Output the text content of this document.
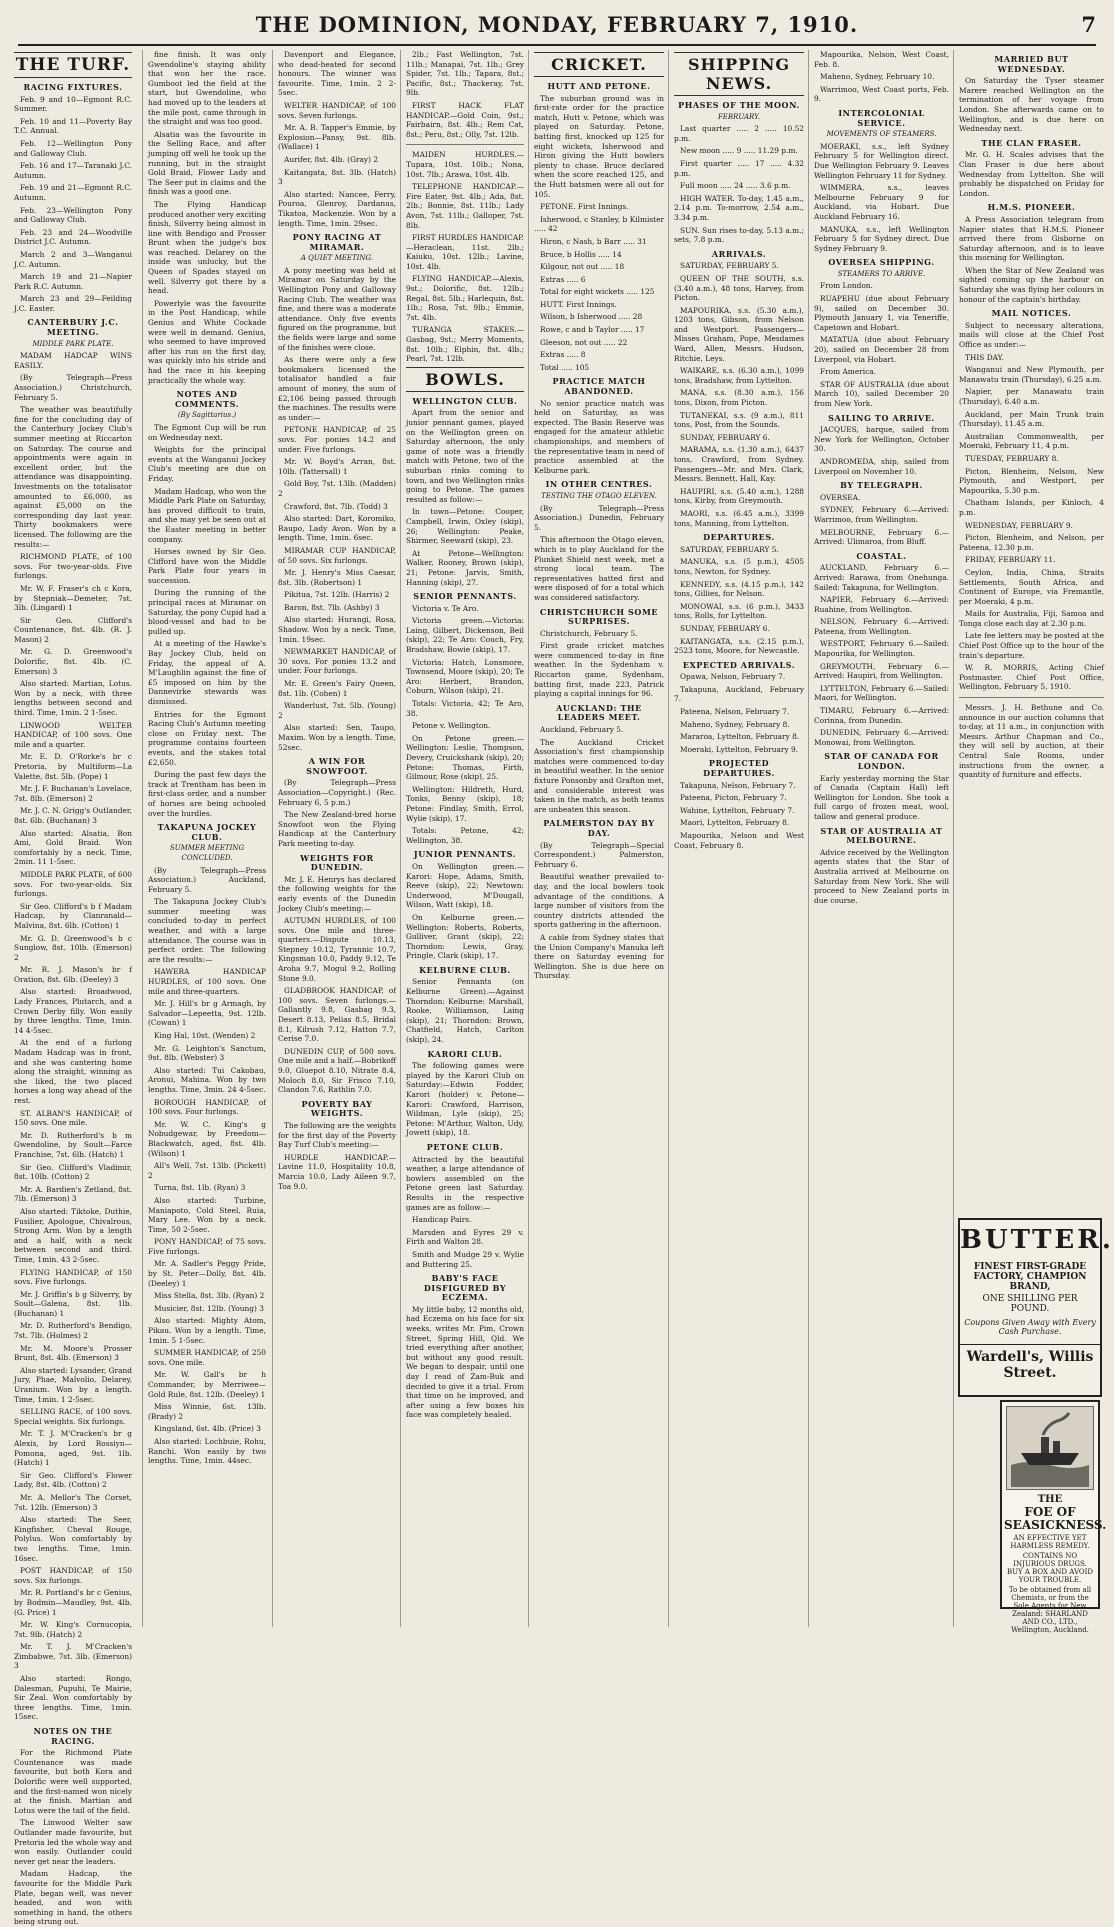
THE DOMINION, MONDAY, FEBRUARY 7, 1910.	7
THE TURF.
RACING FIXTURES.

Feb. 9 and 10—Egmont R.C. Summer.

Feb. 10 and 11—Poverty Bay T.C. Annual.

Feb. 12—Wellington Pony and Galloway Club.

Feb. 16 and 17—Taranaki J.C. Autumn.

Feb. 19 and 21—Egmont R.C. Autumn.

Feb. 23—Wellington Pony and Galloway Club.

Feb. 23 and 24—Woodville District J.C. Autumn.

March 2 and 3—Wanganui J.C. Autumn.

March 19 and 21—Napier Park R.C. Autumn.

March 23 and 29—Feilding J.C. Easter.

CANTERBURY J.C. MEETING.
MIDDLE PARK PLATE.

MADAM HADCAP WINS EASILY.

(By Telegraph—Press Association.) Christchurch, February 5.

The weather was beautifully fine for the concluding day of the Canterbury Jockey Club's summer meeting at Riccarton on Saturday. The course and appointments were again in excellent order, but the attendance was disappointing. Investments on the totalisator amounted to £6,000, as against £5,000 on the corresponding day last year. Thirty bookmakers were licensed. The following are the results:—

RICHMOND PLATE, of 100 sovs. For two-year-olds. Five furlongs.

Mr. W. F. Fraser's ch c Kora, by Stepniak—Demeter, 7st. 3lb. (Lingard) 1

Sir Geo. Clifford's Countenance, 8st. 4lb. (R. J. Mason) 2

Mr. G. D. Greenwood's Dolorific, 8st. 4lb. (C. Emerson) 3

Also started: Martian, Lotus. Won by a neck, with three lengths between second and third. Time, 1min. 2 1-5sec.

LINWOOD WELTER HANDICAP, of 100 sovs. One mile and a quarter.

Mr. E. D. O'Rorke's br c Pretoria, by Multiform—La Valette, 8st. 5lb. (Pope) 1

Mr. J. F. Buchanan's Lovelace, 7st. 8lb. (Emerson) 2

Mr. J. C. N. Grigg's Outlander, 8st. 6lb. (Buchanan) 3

Also started: Alsatia, Bon Ami, Gold Braid. Won comfortably by a neck. Time, 2min. 11 1-5sec.

MIDDLE PARK PLATE, of 600 sovs. For two-year-olds. Six furlongs.

Sir Geo. Clifford's b f Madam Hadcap, by Clanranald—Malvina, 8st. 6lb. (Cotton) 1

Mr. G. D. Greenwood's b c Sunglow, 8st. 10lb. (Emerson) 2

Mr. R. J. Mason's br f Oration, 8st. 6lb. (Deeley) 3

Also started: Broadwood, Lady Frances, Plutarch, and a Crown Derby filly. Won easily by three lengths. Time, 1min. 14 4-5sec.

At the end of a furlong Madam Hadcap was in front, and she was cantering home along the straight, winning as she liked, the two placed horses a long way ahead of the rest.

ST. ALBAN'S HANDICAP, of 150 sovs. One mile.

Mr. D. Rutherford's b m Gwendoline, by Soult—Farce Franchise, 7st. 6lb. (Hatch) 1

Sir Geo. Clifford's Vladimir, 8st. 10lb. (Cotton) 2

Mr. A. Bardien's Zetland, 8st. 7lb. (Emerson) 3

Also started: Tiktoke, Duthie, Fusilier, Apologue, Chivalrous, Strong Arm. Won by a length and a half, with a neck between second and third. Time, 1min. 43 2-5sec.

FLYING HANDICAP, of 150 sovs. Five furlongs.

Mr. J. Griffin's b g Silverry, by Soult—Galena, 8st. 1lb. (Buchanan) 1

Mr. D. Rutherford's Bendigo, 7st. 7lb. (Holmes) 2

Mr. M. Moore's Prosser Brunt, 8st. 4lb. (Emerson) 3

Also started: Lysander, Grand Jury, Phae, Malvolio, Delarey, Uranium. Won by a length. Time, 1min. 1 2-5sec.

SELLING RACE, of 100 sovs. Special weights. Six furlongs.

Mr. T. J. M'Cracken's br g Alexis, by Lord Rossiyn—Pomona, aged, 9st. 1lb. (Hatch) 1

Sir Geo. Clifford's Flower Lady, 8st. 4lb. (Cotton) 2

Mr. A. Mellor's The Corset, 7st. 12lb. (Emerson) 3

Also started: The Seer, Kingfisher, Cheval Rouge, Polylus. Won comfortably by two lengths. Time, 1min. 16sec.

POST HANDICAP, of 150 sovs. Six furlongs.

Mr. R. Portland's br c Genius, by Bodmin—Maudley, 9st. 4lb. (G. Price) 1

Mr. W. King's Cornucopia, 7st. 9lb. (Hatch) 2

Mr. T. J. M'Cracken's Zimbabwe, 7st. 3lb. (Emerson) 3

Also started: Rongo, Dalesman, Pupuhi, Te Mairie, Sir Zeal. Won comfortably by three lengths. Time, 1min. 15sec.

NOTES ON THE RACING.

For the Richmond Plate Countenance was made favourite, but both Kora and Dolorific were well supported, and the first-named won nicely at the finish. Martian and Lotus were the tail of the field.

The Linwood Welter saw Outlander made favourite, but Pretoria led the whole way and won easily. Outlander could never get near the leaders.

Madam Hadcap, the favourite for the Middle Park Plate, began well, was never headed, and won with something in hand, the others being strung out.

fine finish. It was only Gwendoline's staying ability that won her the race. Gumboot led the field at the start, but Gwendoline, who had moved up to the leaders at the mile post, came through in the straight and was too good.

Alsatia was the favourite in the Selling Race, and after jumping off well he took up the running, but in the straight Gold Braid, Flower Lady and The Seer put in claims and the finish was a good one.

The Flying Handicap produced another very exciting finish, Silverry being almost in line with Bendigo and Prosser Brunt when the judge's box was reached. Delarey on the inside was unlucky, but the Queen of Spades stayed on well. Silverry got there by a head.

Powerlyle was the favourite in the Post Handicap, while Genius and White Cockade were well in demand. Genius, who seemed to have improved after his run on the first day, was quickly into his stride and had the race in his keeping practically the whole way.

NOTES AND COMMENTS.
(By Sagittarius.)

The Egmont Cup will be run on Wednesday next.

Weights for the principal events at the Wanganui Jockey Club's meeting are due on Friday.

Madam Hadcap, who won the Middle Park Plate on Saturday, has proved difficult to train, and she may yet be seen out at the Easter meeting in better company.

Horses owned by Sir Geo. Clifford have won the Middle Park Plate four years in succession.

During the running of the principal races at Miramar on Saturday, the pony Cupid had a blood-vessel and had to be pulled up.

At a meeting of the Hawke's Bay Jockey Club, held on Friday, the appeal of A. M'Laughlin against the fine of £5 imposed on him by the Dannevirke stewards was dismissed.

Entries for the Egmont Racing Club's Autumn meeting close on Friday next. The programme contains fourteen events, and the stakes total £2,650.

During the past few days the track at Trentham has been in first-class order, and a number of horses are being schooled over the hurdles.

TAKAPUNA JOCKEY CLUB.
SUMMER MEETING CONCLUDED.

(By Telegraph—Press Association.) Auckland, February 5.

The Takapuna Jockey Club's summer meeting was concluded to-day in perfect weather, and with a large attendance. The course was in perfect order. The following are the results:—

HAWERA HANDICAP HURDLES, of 100 sovs. One mile and three-quarters.

Mr. J. Hill's br g Armagh, by Salvador—Lepeetta, 9st. 12lb. (Cowan) 1

King Hal, 10st. (Wenden) 2

Mr. G. Leighton's Sanctum, 9st. 8lb. (Webster) 3

Also started: Tui Cakobau, Aronui, Mahina. Won by two lengths. Time, 3min. 24 4-5sec.

BOROUGH HANDICAP, of 100 sovs. Four furlongs.

Mr. W. C. King's g Nobudgewar, by Freedom—Blackwatch, aged, 8st. 4lb. (Wilson) 1

All's Well, 7st. 13lb. (Pickett) 2

Turna, 8st. 1lb. (Ryan) 3

Also started: Turbine, Maniapoto, Cold Steel, Ruia, Mary Lee. Won by a neck. Time, 50 2-5sec.

PONY HANDICAP, of 75 sovs. Five furlongs.

Mr. A. Sadler's Peggy Pride, by St. Peter—Dolly, 8st. 4lb. (Deeley) 1

Miss Stella, 8st. 3lb. (Ryan) 2

Musicier, 8st. 12lb. (Young) 3

Also started: Mighty Atom, Pikau. Won by a length. Time, 1min. 5 1-5sec.

SUMMER HANDICAP, of 250 sovs. One mile.

Mr. W. Gall's br h Commander, by Merriwee—Gold Rule, 8st. 12lb. (Deeley) 1

Miss Winnie, 6st. 13lb. (Brady) 2

Kingsland, 6st. 4lb. (Price) 3

Also started: Lochbuie, Rohu, Ranchi. Won easily by two lengths. Time, 1min. 44sec.

Davenport and Elegance, who dead-heated for second honours. The winner was favourite. Time, 1min. 2 2-5sec.

WELTER HANDICAP, of 100 sovs. Seven furlongs.

Mr. A. B. Tapper's Emmie, by Explosion—Pansy, 9st. 8lb. (Wallace) 1

Aurifer, 8st. 4lb. (Gray) 2

Kaitangata, 8st. 3lb. (Hatch) 3

Also started: Nancee, Ferry, Pouroa, Glenroy, Dardanus, Tikatoa, Mackenzie. Won by a length. Time, 1min. 29sec.

PONY RACING AT MIRAMAR.
A QUIET MEETING.

A pony meeting was held at Miramar on Saturday by the Wellington Pony and Galloway Racing Club. The weather was fine, and there was a moderate attendance. Only five events figured on the programme, but the fields were large and some of the finishes were close.

As there were only a few bookmakers licensed the totalisator handled a fair amount of money, the sum of £2,106 being passed through the machines. The results were as under:—

PETONE HANDICAP, of 25 sovs. For ponies 14.2 and under. Five furlongs.

Mr. W. Boyd's Arran, 8st. 10lb. (Tattersall) 1

Gold Boy, 7st. 13lb. (Madden) 2

Crawford, 8st. 7lb. (Todd) 3

Also started: Dart, Koromiko, Raupo, Lady Avon. Won by a length. Time, 1min. 6sec.

MIRAMAR CUP HANDICAP, of 50 sovs. Six furlongs.

Mr. J. Henry's Miss Caesar, 8st. 3lb. (Robertson) 1

Pikitua, 7st. 12lb. (Harris) 2

Baron, 8st. 7lb. (Ashby) 3

Also started: Hurangi, Rosa, Shadow. Won by a neck. Time, 1min. 19sec.

NEWMARKET HANDICAP, of 30 sovs. For ponies 13.2 and under. Four furlongs.

Mr. E. Green's Fairy Queen, 8st. 1lb. (Cohen) 1

Wanderlust, 7st. 5lb. (Young) 2

Also started: Sen, Taupo, Maxim. Won by a length. Time, 52sec.

A WIN FOR SNOWFOOT.

(By Telegraph—Press Association—Copyright.) (Rec. February 6, 5 p.m.)

The New Zealand-bred horse Snowfoot won the Flying Handicap at the Canterbury Park meeting to-day.

WEIGHTS FOR DUNEDIN.

Mr. J. E. Henrys has declared the following weights for the early events of the Dunedin Jockey Club's meeting:—

AUTUMN HURDLES, of 100 sovs. One mile and three-quarters.—Dispute 10.13, Stepney 10.12, Tyrannic 10.7, Kingsman 10.0, Paddy 9.12, Te Aroha 9.7, Mogul 9.2, Rolling Stone 9.0.

GLADBROOK HANDICAP, of 100 sovs. Seven furlongs.—Gallantly 9.8, Gasbag 9.3, Desert 8.13, Pelias 8.5, Bridal 8.1, Kilrush 7.12, Hatton 7.7, Cerise 7.0.

DUNEDIN CUP, of 500 sovs. One mile and a half.—Bobrikoff 9.0, Gluepot 8.10, Nitrate 8.4, Moloch 8.0, Sir Frisco 7.10, Clandon 7.6, Rathlin 7.0.

POVERTY BAY WEIGHTS.

The following are the weights for the first day of the Poverty Bay Turf Club's meeting:—

HURDLE HANDICAP.—Lavine 11.0, Hospitality 10.8, Marcia 10.0, Lady Aileen 9.7, Toa 9.0.

2lb.; Fast Wellington, 7st. 11lb.; Manapai, 7st. 1lb.; Grey Spider, 7st. 1lb.; Tapara, 8st.; Pacific, 8st.; Thackeray, 7st. 9lb.

FIRST HACK FLAT HANDICAP.—Gold Coin, 9st.; Fairbairn, 8st. 4lb.; Rem Cat, 8st.; Peru, 8st.; Olly, 7st. 12lb.

MAIDEN HURDLES.—Tupara, 10st. 10lb.; Nona, 10st. 7lb.; Arawa, 10st. 4lb.

TELEPHONE HANDICAP.—Fire Eater, 9st. 4lb.; Ada, 8st. 2lb.; Bonnie, 8st. 11lb.; Lady Avon, 7st. 11lb.; Galloper, 7st. 8lb.

FIRST HURDLES HANDICAP.—Heraclean, 11st. 2lb.; Kaiuku, 10st. 12lb.; Lavine, 10st. 4lb.

FLYING HANDICAP.—Alexis, 9st.; Dolorific, 8st. 12lb.; Regal, 8st. 5lb.; Harlequin, 8st. 1lb.; Rosa, 7st. 9lb.; Emmie, 7st. 4lb.

TURANGA STAKES.—Gasbag, 9st.; Merry Moments, 8st. 10lb.; Elphin, 8st. 4lb.; Pearl, 7st. 12lb.

BOWLS.
WELLINGTON CLUB.

Apart from the senior and junior pennant games, played on the Wellington green on Saturday afternoon, the only game of note was a friendly match with Petone, two of the suburban rinks coming to town, and two Wellington rinks going to Petone. The games resulted as follow:—

In town—Petone: Cooper, Campbell, Irwin, Oxley (skip), 26; Wellington: Peake, Shirmer, Seeward (skip), 23.

At Petone—Wellington: Walker, Rooney, Brown (skip), 21; Petone: Jarvis, Smith, Hanning (skip), 27.

SENIOR PENNANTS.

Victoria v. Te Aro.

Victoria green.—Victoria: Laing, Gilbert, Dickenson, Beil (skip), 22; Te Aro: Couch, Fry, Bradshaw, Bowie (skip), 17.

Victoria: Hatch, Lonsmore, Townsend, Moore (skip), 20; Te Aro: Herbert, Brandon, Coburn, Wilson (skip), 21.

Totals: Victoria, 42; Te Aro, 38.

Petone v. Wellington.

On Petone green.—Wellington: Leslie, Thompson, Devery, Cruickshank (skip), 20; Petone: Thomas, Firth, Gilmour, Rose (skip), 25.

Wellington: Hildreth, Hurd, Tonks, Benny (skip), 18; Petone: Findlay, Smith, Errol, Wylie (skip), 17.

Totals: Petone, 42; Wellington, 38.

JUNIOR PENNANTS.

On Wellington green.—Karori: Hope, Adams, Smith, Reeve (skip), 22; Newtown: Underwood, M'Dougall, Wilson, Watt (skip), 18.

On Kelburne green.—Wellington: Roberts, Roberts, Gulliver, Grant (skip), 22; Thorndon: Lewis, Gray, Pringle, Clark (skip), 17.

KELBURNE CLUB.

Senior Pennants (on Kelburne Green).—Against Thorndon: Kelburne: Marshall, Rooke, Williamson, Laing (skip), 21; Thorndon: Brown, Chatfield, Hatch, Carlton (skip), 24.

KARORI CLUB.

The following games were played by the Karori Club on Saturday:—Edwin Fodder, Karori (holder) v. Petone—Karori: Crawford, Harrison, Wildman, Lyle (skip), 25; Petone: M'Arthur, Walton, Udy, Jowett (skip), 18.

PETONE CLUB.

Attracted by the beautiful weather, a large attendance of bowlers assembled on the Petone green last Saturday. Results in the respective games are as follow:—

Handicap Pairs.

Marsden and Eyres 29 v. Firth and Walton 28.

Smith and Mudge 29 v. Wylie and Buttering 25.

BABY'S FACE DISFIGURED BY ECZEMA.

My little baby, 12 months old, had Eczema on his face for six weeks, writes Mr. Pim, Crown Street, Spring Hill, Qld. We tried everything after another, but without any good result. We began to despair, until one day I read of Zam-Buk and decided to give it a trial. From that time on he improved, and after using a few boxes his face was completely healed.

CRICKET.
HUTT AND PETONE.

The suburban ground was in first-rate order for the practice match, Hutt v. Petone, which was played on Saturday. Petone, batting first, knocked up 125 for eight wickets, Isherwood and Hiron giving the Hutt bowlers plenty to chase. Bruce declared when the score reached 125, and the Hutt batsmen were all out for 105.

PETONE. First Innings.

Isherwood, c Stanley, b Kilmister ..... 42

Hiron, c Nash, b Barr ..... 31

Bruce, b Hollis ..... 14

Kilgour, not out ..... 18

Extras ..... 6

Total for eight wickets ..... 125

HUTT. First Innings.

Wilson, b Isherwood ..... 28

Rowe, c and b Taylor ..... 17

Gleeson, not out ..... 22

Extras ..... 8

Total ..... 105

PRACTICE MATCH ABANDONED.

No senior practice match was held on Saturday, as was expected. The Basin Reserve was engaged for the amateur athletic championships, and members of the representative team in need of practice assembled at the Kelburne park.

IN OTHER CENTRES.
TESTING THE OTAGO ELEVEN.

(By Telegraph—Press Association.) Dunedin, February 5.

This afternoon the Otago eleven, which is to play Auckland for the Plunket Shield next week, met a strong local team. The representatives batted first and were disposed of for a total which was considered satisfactory.

CHRISTCHURCH SOME SURPRISES.

Christchurch, February 5.

First grade cricket matches were commenced to-day in fine weather. In the Sydenham v. Riccarton game, Sydenham, batting first, made 223, Patrick playing a capital innings for 96.

AUCKLAND: THE LEADERS MEET.

Auckland, February 5.

The Auckland Cricket Association's first championship matches were commenced to-day in beautiful weather. In the senior fixture Ponsonby and Grafton met, and considerable interest was taken in the match, as both teams are unbeaten this season.

PALMERSTON DAY BY DAY.

(By Telegraph—Special Correspondent.) Palmerston, February 6.

Beautiful weather prevailed to-day, and the local bowlers took advantage of the conditions. A large number of visitors from the country districts attended the sports gathering in the afternoon.

A cable from Sydney states that the Union Company's Manuka left there on Saturday evening for Wellington. She is due here on Thursday.

SHIPPING NEWS.
PHASES OF THE MOON.
FEBRUARY.

Last quarter ..... 2 ..... 10.52 p.m.

New moon ..... 9 ..... 11.29 p.m.

First quarter ..... 17 ..... 4.32 p.m.

Full moon ..... 24 ..... 3.6 p.m.

HIGH WATER. To-day, 1.45 a.m., 2.14 p.m. To-morrow, 2.54 a.m., 3.34 p.m.

SUN. Sun rises to-day, 5.13 a.m.; sets, 7.8 p.m.

ARRIVALS.

SATURDAY, FEBRUARY 5.

QUEEN OF THE SOUTH, s.s. (3.40 a.m.), 48 tons, Harvey, from Picton.

MAPOURIKA, s.s. (5.30 a.m.), 1203 tons, Gibson, from Nelson and Westport. Passengers—Misses Graham, Pope, Mesdames Ward, Allen, Messrs. Hudson, Ritchie, Leys.

WAIKARE, s.s. (6.30 a.m.), 1099 tons, Bradshaw, from Lyttelton.

MANA, s.s. (8.30 a.m.), 156 tons, Dixon, from Picton.

TUTANEKAI, s.s. (9 a.m.), 811 tons, Post, from the Sounds.

SUNDAY, FEBRUARY 6.

MARAMA, s.s. (1.30 a.m.), 6437 tons, Crawford, from Sydney. Passengers—Mr. and Mrs. Clark, Messrs. Bennett, Hall, Kay.

HAUPIRI, s.s. (5.40 a.m.), 1288 tons, Kirby, from Greymouth.

MAORI, s.s. (6.45 a.m.), 3399 tons, Manning, from Lyttelton.

DEPARTURES.

SATURDAY, FEBRUARY 5.

MANUKA, s.s. (5 p.m.), 4505 tons, Newton, for Sydney.

KENNEDY, s.s. (4.15 p.m.), 142 tons, Gillies, for Nelson.

MONOWAI, s.s. (6 p.m.), 3433 tons, Rolls, for Lyttelton.

SUNDAY, FEBRUARY 6.

KAITANGATA, s.s. (2.15 p.m.), 2523 tons, Moore, for Newcastle.

EXPECTED ARRIVALS.

Opawa, Nelson, February 7.

Takapuna, Auckland, February 7.

Pateena, Nelson, February 7.

Maheno, Sydney, February 8.

Mararoa, Lyttelton, February 8.

Moeraki, Lyttelton, February 9.

PROJECTED DEPARTURES.

Takapuna, Nelson, February 7.

Pateena, Picton, February 7.

Wahine, Lyttelton, February 7.

Maori, Lyttelton, February 8.

Mapourika, Nelson and West Coast, February 8.

Mapourika, Nelson, West Coast, Feb. 8.

Maheno, Sydney, February 10.

Warrimoo, West Coast ports, Feb. 9.

INTERCOLONIAL SERVICE.
MOVEMENTS OF STEAMERS.

MOERAKI, s.s., left Sydney February 5 for Wellington direct. Due Wellington February 9. Leaves Wellington February 11 for Sydney.

WIMMERA, s.s., leaves Melbourne February 9 for Auckland, via Hobart. Due Auckland February 16.

MANUKA, s.s., left Wellington February 5 for Sydney direct. Due Sydney February 9.

OVERSEA SHIPPING.
STEAMERS TO ARRIVE.

From London.

RUAPEHU (due about February 9), sailed on December 30. Plymouth January 1, via Teneriffe, Capetown and Hobart.

MATATUA (due about February 20), sailed on December 28 from Liverpool, via Hobart.

From America.

STAR OF AUSTRALIA (due about March 10), sailed December 20 from New York.

SAILING TO ARRIVE.

JACQUES, barque, sailed from New York for Wellington, October 30.

ANDROMEDA, ship, sailed from Liverpool on November 10.

BY TELEGRAPH.

OVERSEA.

SYDNEY, February 6.—Arrived: Warrimoo, from Wellington.

MELBOURNE, February 6.—Arrived: Ulimaroa, from Bluff.

COASTAL.

AUCKLAND, February 6.—Arrived: Rarawa, from Onehunga. Sailed: Takapuna, for Wellington.

NAPIER, February 6.—Arrived: Ruahine, from Wellington.

NELSON, February 6.—Arrived: Pateena, from Wellington.

WESTPORT, February 6.—Sailed: Mapourika, for Wellington.

GREYMOUTH, February 6.—Arrived: Haupiri, from Wellington.

LYTTELTON, February 6.—Sailed: Maori, for Wellington.

TIMARU, February 6.—Arrived: Corinna, from Dunedin.

DUNEDIN, February 6.—Arrived: Monowai, from Wellington.

STAR OF CANADA FOR LONDON.

Early yesterday morning the Star of Canada (Captain Hall) left Wellington for London. She took a full cargo of frozen meat, wool, tallow and general produce.

STAR OF AUSTRALIA AT MELBOURNE.

Advice received by the Wellington agents states that the Star of Australia arrived at Melbourne on Saturday from New York. She will proceed to New Zealand ports in due course.

MARRIED BUT WEDNESDAY.

On Saturday the Tyser steamer Marere reached Wellington on the termination of her voyage from London. She afterwards came on to Wellington, and is due here on Wednesday next.

THE CLAN FRASER.

Mr. G. H. Scales advises that the Clan Fraser is due here about Wednesday from Lyttelton. She will probably be dispatched on Friday for London.

H.M.S. PIONEER.

A Press Association telegram from Napier states that H.M.S. Pioneer arrived there from Gisborne on Saturday afternoon, and is to leave this morning for Wellington.

When the Star of New Zealand was sighted coming up the harbour on Saturday she was flying her colours in honour of the captain's birthday.

MAIL NOTICES.

Subject to necessary alterations, mails will close at the Chief Post Office as under:—

THIS DAY.

Wanganui and New Plymouth, per Manawatu train (Thursday), 6.25 a.m.

Napier, per Manawatu train (Thursday), 6.40 a.m.

Auckland, per Main Trunk train (Thursday), 11.45 a.m.

Australian Commonwealth, per Moeraki, February 11, 4 p.m.

TUESDAY, FEBRUARY 8.

Picton, Blenheim, Nelson, New Plymouth, and Westport, per Mapourika, 5.30 p.m.

Chatham Islands, per Kinloch, 4 p.m.

WEDNESDAY, FEBRUARY 9.

Picton, Blenheim, and Nelson, per Pateena, 12.30 p.m.

FRIDAY, FEBRUARY 11.

Ceylon, India, China, Straits Settlements, South Africa, and Continent of Europe, via Fremantle, per Moeraki, 4 p.m.

Mails for Australia, Fiji, Samoa and Tonga close each day at 2.30 p.m.

Late fee letters may be posted at the Chief Post Office up to the hour of the train's departure.

W. R. MORRIS, Acting Chief Postmaster. Chief Post Office, Wellington, February 5, 1910.

Messrs. J. H. Bethune and Co. announce in our auction columns that to-day, at 11 a.m., in conjunction with Messrs. Arthur Chapman and Co., they will sell by auction, at their Central Sale Rooms, under instructions from the owner, a quantity of furniture and effects.

BUTTER.
FINEST FIRST-GRADE FACTORY, CHAMPION BRAND,
ONE SHILLING PER POUND.
Coupons Given Away with Every Cash Purchase.
Wardell's, Willis Street.
THE
FOE OF SEASICKNESS.
AN EFFECTIVE YET HARMLESS REMEDY.
CONTAINS NO INJURIOUS DRUGS. BUY A BOX AND AVOID YOUR TROUBLE.
To be obtained from all Chemists, or from the Sole Agents for New Zealand: SHARLAND AND CO., LTD., Wellington, Auckland.
